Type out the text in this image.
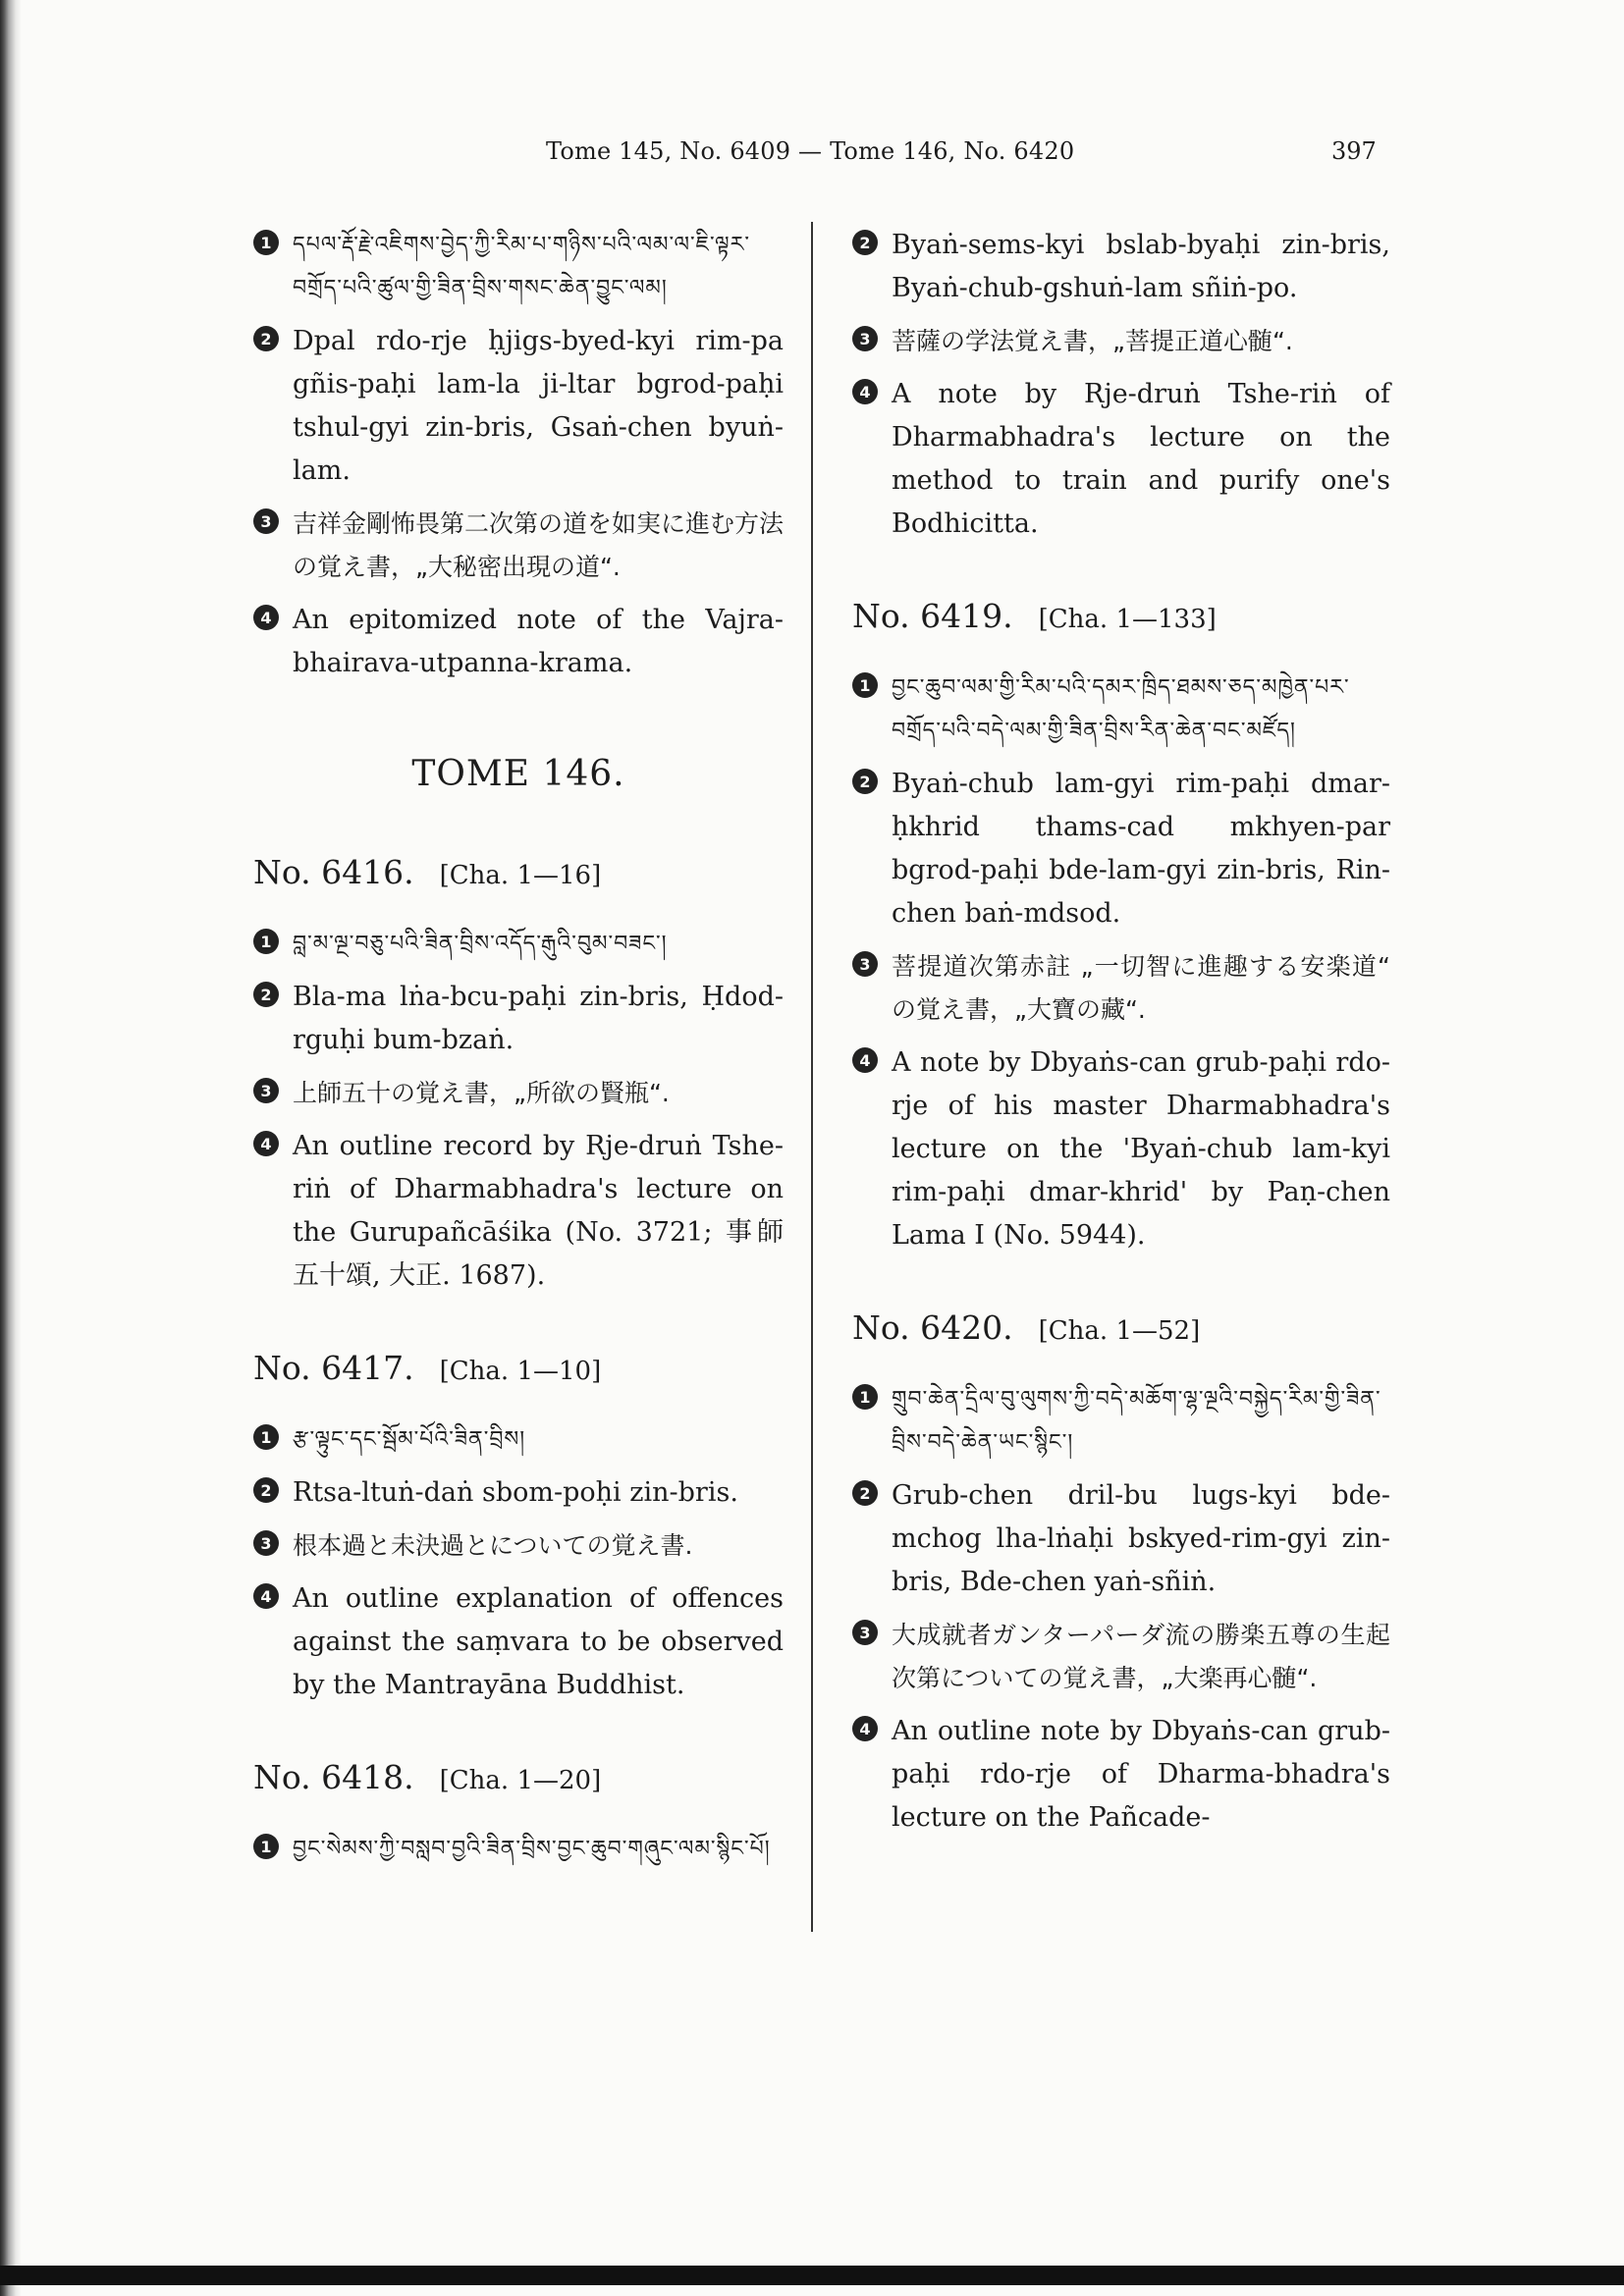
Tome 145, No. 6409 — Tome 146, No. 6420	397
1 དཔལ་རྡོ་རྗེ་འཇིགས་བྱེད་ཀྱི་རིམ་པ་གཉིས་པའི་ལམ་ལ་ཇི་ལྟར་བགྲོད་པའི་ཚུལ་གྱི་ཟིན་བྲིས་གསང་ཆེན་བྱུང་ལམ།
2 Dpal rdo-rje ḥjigs-byed-kyi rim-pa gñis-paḥi lam-la ji-ltar bgrod-paḥi tshul-gyi zin-bris, Gsaṅ-chen byuṅ-lam.
3 吉祥金剛怖畏第二次第の道を如実に進む方法の覚え書，„大秘密出現の道“.
4 An epitomized note of the Vajra-bhairava-utpanna-krama.
TOME 146.
No. 6416. [Cha. 1—16]
1 བླ་མ་ལྔ་བཅུ་པའི་ཟིན་བྲིས་འདོད་རྒུའི་བུམ་བཟང་།
2 Bla-ma lṅa-bcu-paḥi zin-bris, Ḥdod-rguḥi bum-bzaṅ.
3 上師五十の覚え書，„所欲の賢瓶“.
4 An outline record by Rje-druṅ Tshe-riṅ of Dharmabhadra's lecture on the Gurupañcāśika (No. 3721; 事師五十頌, 大正. 1687).
No. 6417. [Cha. 1—10]
1 རྩ་ལྟུང་དང་སྦོམ་པོའི་ཟིན་བྲིས།
2 Rtsa-ltuṅ-daṅ sbom-poḥi zin-bris.
3 根本過と未決過とについての覚え書.
4 An outline explanation of offences against the saṃvara to be observed by the Mantrayāna Buddhist.
No. 6418. [Cha. 1—20]
1 བྱང་སེམས་ཀྱི་བསླབ་བྱའི་ཟིན་བྲིས་བྱང་ཆུབ་གཞུང་ལམ་སྙིང་པོ།
2 Byaṅ-sems-kyi bslab-byaḥi zin-bris, Byaṅ-chub-gshuṅ-lam sñiṅ-po.
3 菩薩の学法覚え書，„菩提正道心髄“.
4 A note by Rje-druṅ Tshe-riṅ of Dharmabhadra's lecture on the method to train and purify one's Bodhicitta.
No. 6419. [Cha. 1—133]
1 བྱང་ཆུབ་ལམ་གྱི་རིམ་པའི་དམར་ཁྲིད་ཐམས་ཅད་མཁྱེན་པར་བགྲོད་པའི་བདེ་ལམ་གྱི་ཟིན་བྲིས་རིན་ཆེན་བང་མཛོད།
2 Byaṅ-chub lam-gyi rim-paḥi dmar-ḥkhrid thams-cad mkhyen-par bgrod-paḥi bde-lam-gyi zin-bris, Rin-chen baṅ-mdsod.
3 菩提道次第赤註 „一切智に進趣する安楽道“ の覚え書，„大寶の藏“.
4 A note by Dbyaṅs-can grub-paḥi rdo-rje of his master Dharmabhadra's lecture on the 'Byaṅ-chub lam-kyi rim-paḥi dmar-khrid' by Paṇ-chen Lama I (No. 5944).
No. 6420. [Cha. 1—52]
1 གྲུབ་ཆེན་དྲིལ་བུ་ལུགས་ཀྱི་བདེ་མཆོག་ལྷ་ལྔའི་བསྐྱེད་རིམ་གྱི་ཟིན་བྲིས་བདེ་ཆེན་ཡང་སྙིང་།
2 Grub-chen dril-bu lugs-kyi bde-mchog lha-lṅaḥi bskyed-rim-gyi zin-bris, Bde-chen yaṅ-sñiṅ.
3 大成就者ガンターパーダ流の勝楽五尊の生起次第についての覚え書，„大楽再心髄“.
4 An outline note by Dbyaṅs-can grub-paḥi rdo-rje of Dharma-bhadra's lecture on the Pañcade-
